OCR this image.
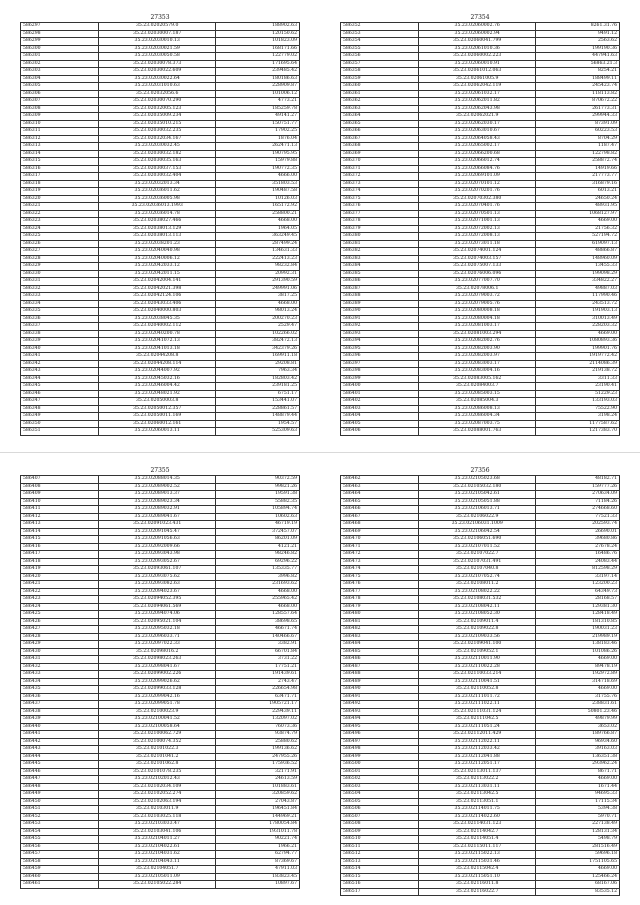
27353
586297	35.23.02020579.0	188902.63
586298	35.23.02030007.187	120150.62
586299	35.23.02030010.13	101823.09
586300	35.23.02030021.59	168171.66
586301	35.23.02030050.58	122779.02
586302	35.23.02030078.373	171695.64
586303	35.23.02030022.609	239485.42
586304	35.23.02030022.64	180186.63
586305	35.23.02031010.63	228909.87
586306	35.23.02032056.6	101006.12
586307	35.23.02030070.290	4773.21
586308	35.23.02032005.123	185259.78
586309	35.23.02035009.234	49141.27
586310	35.23.02035010.215	150751.77
586311	35.23.02030032.235	17902.25
586312	35.23.02032034.167	1876.04
586313	35.23.02030032.45	262471.13
586314	35.23.02030032.182	190795.95
586315	35.23.02030035.163	15979.88
586316	35.23.02030037.153	190772.35
586317	35.23.02030032.404	4666.00
586318	35.23.02032013.34	351803.53
586319	35.23.02036011.62	190487.58
586320	35.23.02036005.98	10126.03
586321	35.23.02036013.1993	165172.92
586322	35.23.02036014.78	258800.21
586323	35.23.02038027.466	4668.00
586324	35.23.02038013.129	1964.05
586325	35.23.02038013.113	363249.45
586326	35.23.02038201.23	287499.24
586327	35.23.02040040.98	134631.33
586328	35.23.02040006.12	222413.23
586329	35.23.02042033.12	98232.84
586330	35.23.02042011.15	20992.31
586331	35.23.02042004.141	291390.59
586332	35.23.02042021.398	249991.06
586333	35.23.02042124.106	3817.25
586334	35.23.02043033.406	4668.00
586335	35.23.02040000.803	98013.24
586336	35.23.02038045.35	200270.23
586337	35.23.02040002.112	2529.47
586338	35.23.02040200.78	102266.02
586339	35.23.02041072.13	382472.13
586340	35.23.02041013.18	342379.26
586341	35.23.02044208.8	169911.18
586342	35.23.02044208.114	29208.81
586343	35.23.02044007.92	7963.34
586344	35.23.02045032.16	182803.42
586345	35.23.02046004.42	239181.25
586346	35.23.02048021.92	6751.17
586347	35.23.02050003.8	153441.07
586348	35.23.02050012.357	228861.57
586349	35.23.02050011.169	148879.44
586350	35.23.02060012.161	1954.57
586351	35.23.02060013.11	525309.63
27354
586352	35.23.02060002.76	8261.31.76
586353	35.23.02060002.94	9491.12
586354	35.23.02060041.799	2563.62
586355	35.23.02061010.36	199190.36
586356	35.23.02060002.223	447941.63
586357	35.23.02060010.91	56863.21.3
586358	35.23.02061012.063	8254.21
586359	35.23.02061005.9	188499.11
586360	35.23.02062042.119	245423.74
586361	35.23.02061032.17	118113.82
586362	35.23.02062011.82	870672.22
586363	35.23.02062043.98	261773.31
586364	35.23.02062021.9	299944.33
586365	35.23.02062030.17	87391.09
586366	35.23.02063010.67	60223.53
586367	35.23.02064058.43	8704.29
586368	35.23.02065002.17	1187.47
586369	35.23.02066200.68	122798.82
586370	35.23.02066012.74	258872.74
586371	35.23.02066084.76	14919.66
586372	35.23.02069101.09	217773.77
586373	35.23.02070101.12	316879.16
586374	35.23.02070201.76	6013.21
586375	35.23.02070302.380	24650.24
586376	35.23.02070401.76	48931.95
586377	35.23.02070501.13	1068127.97
586378	35.23.02071001.13	4669.00
586379	35.23.02072002.13	21756.32
586380	35.23.02072008.13	527194.72
586381	35.23.02073011.18	619097.13
586382	35.23.02074001.124	48866.87
586383	35.23.02074003.157	148960.09
586384	35.23.02075007.133	13455.33
586385	35.23.02076006.096	199098.29
586386	35.23.02077007.70	334822.27
586387	35.23.02078006.1	49887.03
586388	35.23.02079003.72	117990.46
586389	35.23.02079005.76	243513.72
586390	35.23.02080008.18	191903.13
586391	35.23.02080004.18	310013.49
586392	35.23.02081003.17	228203.32
586393	35.23.02081003.294	4669.00
586394	35.23.02082002.76	1080893.36
586395	35.23.02082003.90	199901.76
586396	35.23.02082003.97	1919772.42
586397	35.23.02083003.17	2114086.39
586398	35.23.02083004.16	219138.72
586399	35.23.02083005.162	3311.33
586400	35.23.02084003.7	23190.41
586401	35.23.02085003.15	51229.23
586402	35.23.02085004.3	133193.03
586403	35.23.02086008.13	75522.90
586404	35.23.02086004.34	3198.24
586405	35.23.02087003.75	1177587.62
586406	35.23.02088001.763	1217383.70
27355
586407	35.23.02088014.35	90372.59
586408	35.23.02089002.52	99821.26
586409	35.23.02089013.37	19591.38
586410	35.23.02089023.34	55882.35
586411	35.23.02089032.91	105894.74
586412	35.23.02089041.67	10602.63
586413	35.23.02091023.431	46719.19
586414	35.23.02091045.47	372457.07
586415	35.23.02091056.63	86201.09
586416	35.23.02092009.66	4121.21
586417	35.23.02093043.98	98246.82
586418	35.23.02093052.67	69296.22
586419	35.23.02093061.107	135335.77
586420	35.23.02093075.62	3996.82
586421	35.23.02093082.63	231693.62
586422	35.23.02094023.67	4668.00
586423	35.23.02094052.395	255965.42
586424	35.23.02094061.569	4668.00
586425	35.23.02094074.06	128557.64
586426	35.23.02095021.104	38698.65
586427	35.23.02095032.18	46671.74
586428	35.23.02096033.71	140466.67
586429	35.23.02097022.33	3382.91
586430	35.23.02098016.2	66701.84
586431	35.23.02098023.263	3731.22
586432	35.23.02098041.67	17751.21
586433	35.23.02099002.226	191439.61
586434	35.23.02099026.62	2743.47
586435	35.23.02099033.128	226654.98
586436	35.23.02099042.16	63471.71
586437	35.23.02099051.78	1905721.17
586438	35.23.02100023.9	229439.11
586439	35.23.02100041.52	132097.02
586440	35.23.02100058.64	76073.36
586441	35.23.02100062.729	93874.79
586442	35.23.02100074.352	25880.62
586443	35.23.02101022.3	199136.62
586444	35.23.02101041.2	247955.26
586445	35.23.02101062.8	175936.52
586446	35.23.02101078.235	32171.91
586447	35.23.02102012.43	24613.59
586448	35.23.02102034.109	101883.61
586449	35.23.02102052.274	320859.62
586450	35.23.02102063.194	27043.87
586451	35.23.02103011.9	196451.84
586452	35.23.02103025.118	144969.21
586453	35.23.02103033.47	1780054.84
586454	35.23.02103041.106	1931011.78
586455	35.23.02104011.27	90221.74
586456	35.23.02104022.61	1966.21
586457	35.23.02104031.62	62794.77
586458	35.23.02104043.11	87369.67
586459	35.23.02104051.7	47911.03
586460	35.23.02105011.09	183823.45
586461	35.23.02105022.284	10897.67
27356
586462	35.23.02105023.68	48182.71
586463	35.23.02105032.180	159777.26
586464	35.23.02105042.61	270634.09
586465	35.23.02105051.88	71184.26
586466	35.23.02106013.71	274668.60
586467	35.23.02106022.9	77521.33
586468	35.23.02106031.1009	202593.74
586469	35.23.02106042.54	26690.01
586470	35.23.02106051.690	39680.86
586471	35.23.02107011.52	27678.24
586472	35.23.02107022.7	16486.76
586473	35.23.02107031.491	24083.44
586474	35.23.02107040.8	812598.29
586475	35.23.02107052.74	33197.14
586476	35.23.02108011.2	123200.23
586477	35.23.02108022.22	64349.73
586478	35.23.02108031.532	28168.57
586479	35.23.02108042.11	129381.30
586480	35.23.02108052.30	128418.49
586481	35.23.02109011.4	181310.85
586482	35.23.02109022.8	190031.23
586483	35.23.02109033.56	219989.19
586484	35.23.02109041.100	138183.46
586485	35.23.02109052.1	101086.26
586486	35.23.02110011.90	4669.00
586487	35.23.02110022.28	89478.19
586488	35.23.02110033.214	192972.89
586489	35.23.02110041.51	314718.69
586490	35.23.02110052.8	4669.00
586491	35.23.02111011.72	31755.76
586492	35.23.02111022.11	238831.61
586493	35.23.02111031.124	50801.23.46
586494	35.23.02111042.5	49879.99
586495	35.23.02111051.24	3653.02
586496	35.23.02112011.429	189766.87
586497	35.23.02112022.11	96934.60
586498	35.23.02112033.42	39163.03
586499	35.23.02112041.88	136351.38
586500	35.23.02112051.17	293962.24
586501	35.23.02113011.137	8671.71
586502	35.23.02113022.2	4669.00
586503	35.23.02113031.11	1671.44
586504	35.23.02113042.5	94695.33
586505	35.23.02113051.1	17115.34
586506	35.23.02114011.75	5394.38
586507	35.23.02114022.60	5970.71
586508	35.23.02114031.123	227138.49
586509	35.23.02114042.7	128131.34
586510	35.23.02114051.4	5498.79
586511	35.23.02115011.117	281516.49
586512	35.23.02115022.13	59696.18
586513	35.23.02115031.46	1751105.65
586514	35.23.02115042.4	4669.00
586515	35.23.02115051.10	125466.24
586516	35.23.02116011.8	68167.06
586517	35.23.02116022.7	83535.12
